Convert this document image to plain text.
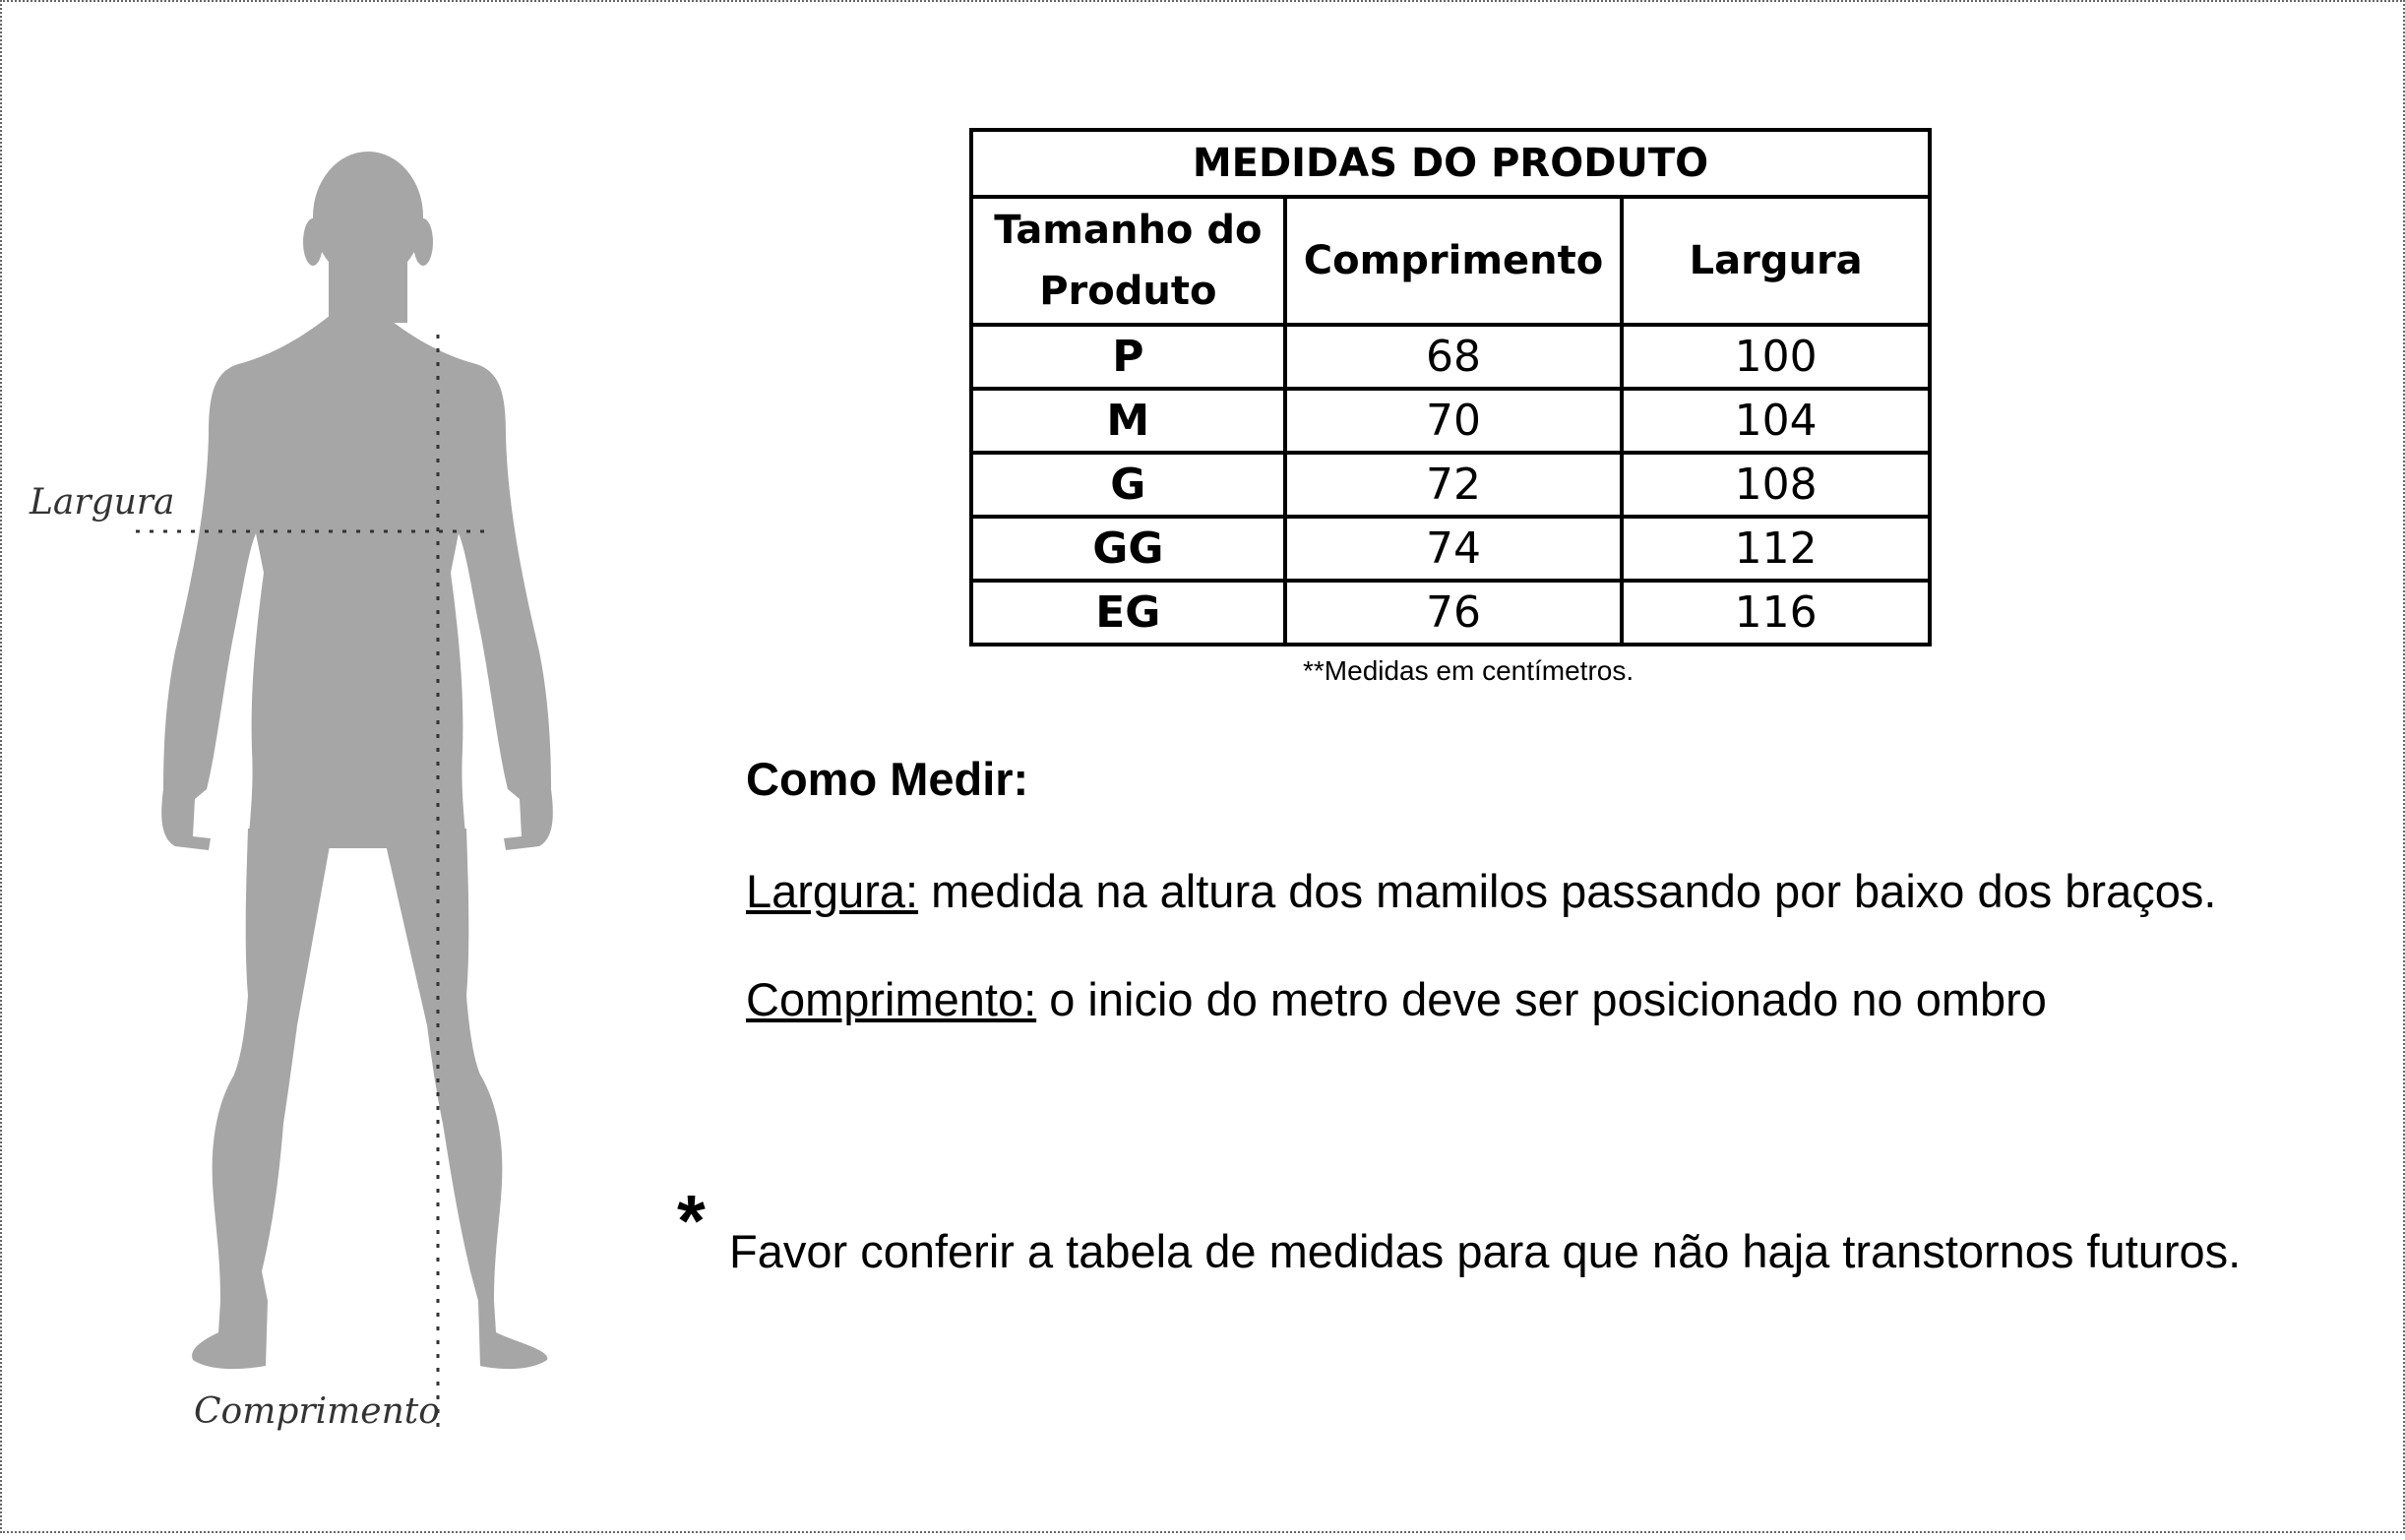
Largura
Comprimento
MEDIDAS DO PRODUTO		
Tamanho do Produto	Comprimento	Largura
P	68	100
M	70	104
G	72	108
GG	74	112
EG	76	116
**Medidas em centímetros.
Como Medir:
Largura: medida na altura dos mamilos passando por baixo dos braços.
Comprimento: o inicio do metro deve ser posicionado no ombro
* Favor conferir a tabela de medidas para que não haja transtornos futuros.
